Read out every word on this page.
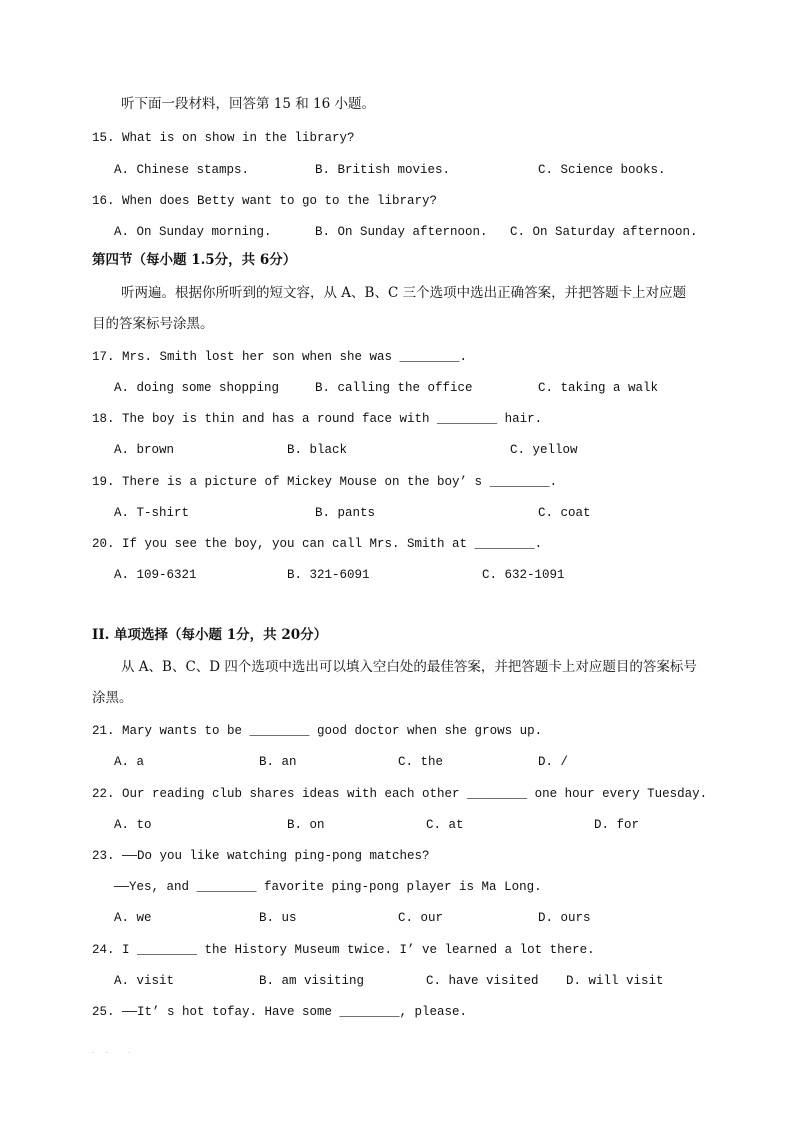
听下面一段材料，回答第 15 和 16 小题。
15. What is on show in the library?
A. Chinese stamps.	B. British movies.	C. Science books.
16. When does Betty want to go to the library?
A. On Sunday morning.	B. On Sunday afternoon. C. On Saturday afternoon.
第四节（每小题 1.5分，共 6分）
听两遍。根据你所听到的短文容，从 A、B、C 三个选项中选出正确答案，并把答题卡上对应题
目的答案标号涂黑。
17. Mrs. Smith lost her son when she was ________.
A. doing some shopping	B. calling the office	C. taking a walk
18. The boy is thin and has a round face with ________ hair.
A. brown	B. black	C. yellow
19. There is a picture of Mickey Mouse on the boy’ s ________.
A. T-shirt	B. pants	C. coat
20. If you see the boy, you can call Mrs. Smith at ________.
A. 109-6321	B. 321-6091	C. 632-1091
II. 单项选择（每小题 1分，共 20分）
从 A、B、C、D 四个选项中选出可以填入空白处的最佳答案，并把答题卡上对应题目的答案标号
涂黑。
21. Mary wants to be ________ good doctor when she grows up.
A. a	B. an	C. the	D. /
22. Our reading club shares ideas with each other ________ one hour every Tuesday.
A. to	B. on	C. at	D. for
23. ——Do you like watching ping-pong matches?
——Yes, and ________ favorite ping-pong player is Ma Long.
A. we	B. us	C. our	D. ours
24. I ________ the History Museum twice. I’ ve learned a lot there.
A. visit	B. am visiting	C. have visited D. will visit
25. ——It’ s hot tofay. Have some ________, please.
.      .           .
